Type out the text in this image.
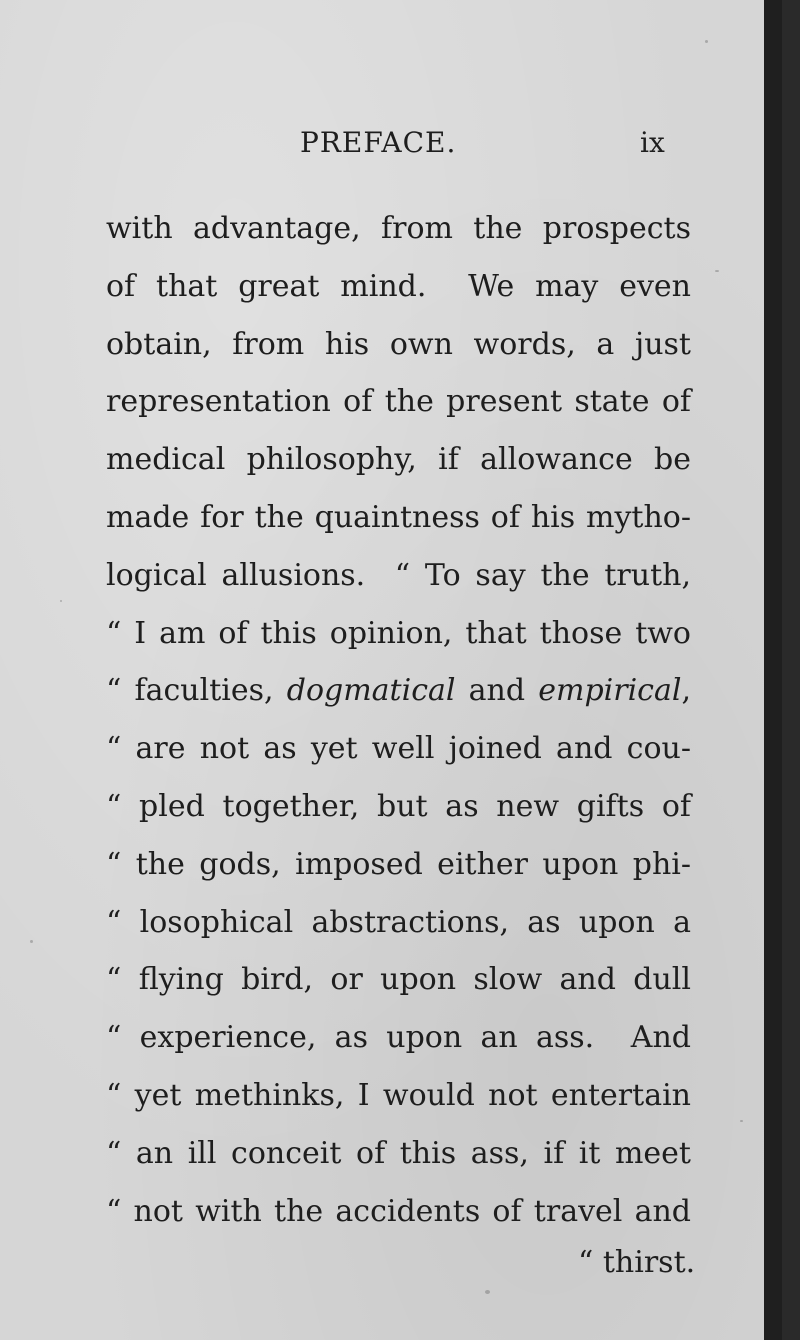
PREFACE.	ix
with advantage, from the prospects
of that great mind.  We may even
obtain, from his own words, a just
representation of the present state of
medical philosophy, if allowance be
made for the quaintness of his mytho-
logical allusions.  “ To say the truth,
“ I am of this opinion, that those two
“ faculties, dogmatical and empirical,
“ are not as yet well joined and cou-
“ pled together, but as new gifts of
“ the gods, imposed either upon phi-
“ losophical abstractions, as upon a
“ flying bird, or upon slow and dull
“ experience, as upon an ass.  And
“ yet methinks, I would not entertain
“ an ill conceit of this ass, if it meet
“ not with the accidents of travel and
“ thirst.
